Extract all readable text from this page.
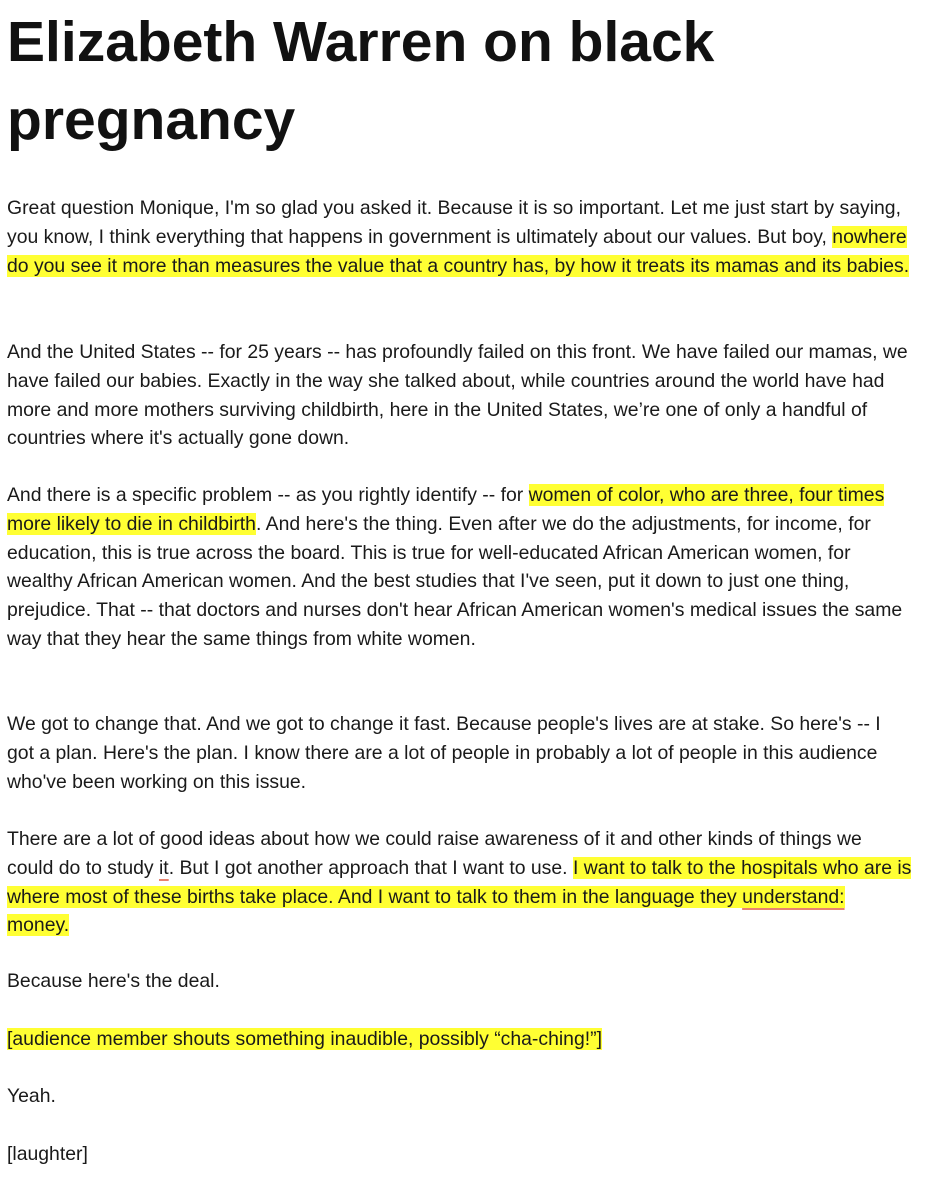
Elizabeth Warren on black
pregnancy

Great question Monique, I'm so glad you asked it. Because it is so important. Let me just start by saying, you know, I think everything that happens in government is ultimately about our values. But boy, nowhere do you see it more than measures the value that a country has, by how it treats its mamas and its babies.

And the United States -- for 25 years -- has profoundly failed on this front. We have failed our mamas, we have failed our babies. Exactly in the way she talked about, while countries around the world have had more and more mothers surviving childbirth, here in the United States, we’re one of only a handful of countries where it's actually gone down.

And there is a specific problem -- as you rightly identify -- for women of color, who are three, four times more likely to die in childbirth. And here's the thing. Even after we do the adjustments, for income, for education, this is true across the board. This is true for well-educated African American women, for wealthy African American women. And the best studies that I've seen, put it down to just one thing, prejudice. That -- that doctors and nurses don't hear African American women's medical issues the same way that they hear the same things from white women.

We got to change that. And we got to change it fast. Because people's lives are at stake. So here's -- I got a plan. Here's the plan. I know there are a lot of people in probably a lot of people in this audience who've been working on this issue.

There are a lot of good ideas about how we could raise awareness of it and other kinds of things we could do to study it. But I got another approach that I want to use. I want to talk to the hospitals who are is where most of these births take place. And I want to talk to them in the language they understand: money.

Because here's the deal.

[audience member shouts something inaudible, possibly “cha-ching!”]

Yeah.

[laughter]
